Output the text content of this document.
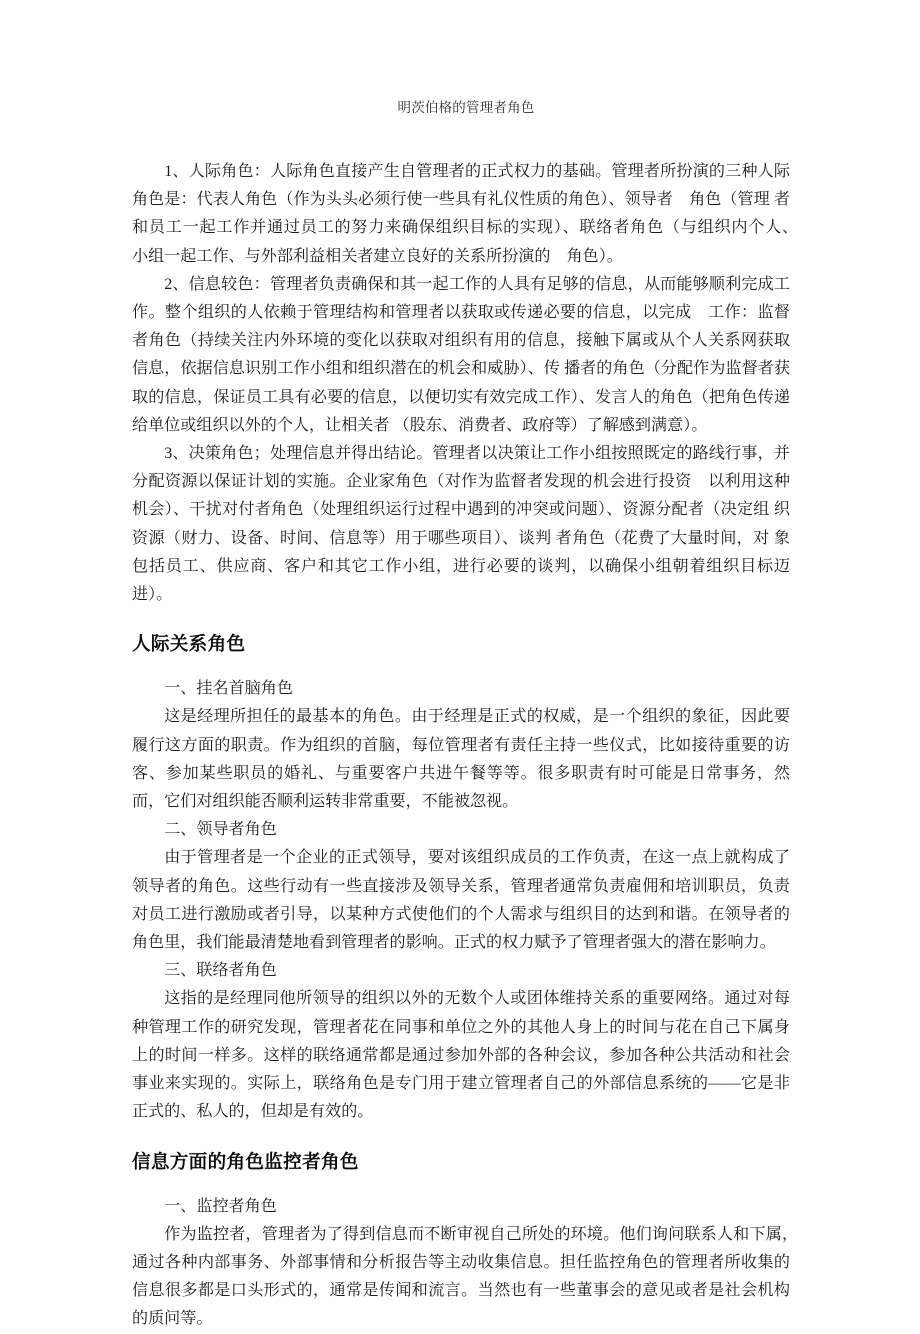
明茨伯格的管理者角色

1、人际角色：人际角色直接产生自管理者的正式权力的基础。管理者所扮演的三种人际角色是：代表人角色（作为头头必须行使一些具有礼仪性质的角色）、领导者　角色（管理 者和员工一起工作并通过员工的努力来确保组织目标的实现）、联络者角色（与组织内个人、　小组一起工作、与外部利益相关者建立良好的关系所扮演的　角色）。

2、信息较色：管理者负责确保和其一起工作的人具有足够的信息，从而能够顺利完成工作。整个组织的人依赖于管理结构和管理者以获取或传递必要的信息，以完成　工作：监督者角色（持续关注内外环境的变化以获取对组织有用的信息，接触下属或从个人关系网获取信息，依据信息识别工作小组和组织潜在的机会和威胁）、传 播者的角色（分配作为监督者获取的信息，保证员工具有必要的信息，以便切实有效完成工作）、发言人的角色（把角色传递给单位或组织以外的个人，让相关者 （股东、消费者、政府等）了解感到满意）。

3、决策角色；处理信息并得出结论。管理者以决策让工作小组按照既定的路线行事，并分配资源以保证计划的实施。企业家角色（对作为监督者发现的机会进行投资　以利用这种机会）、干扰对付者角色（处理组织运行过程中遇到的冲突或问题）、资源分配者（决定组 织资源（财力、设备、时间、信息等）用于哪些项目）、谈判 者角色（花费了大量时间，对 象包括员工、供应商、客户和其它工作小组，进行必要的谈判，以确保小组朝着组织目标迈 进）。

人际关系角色

一、挂名首脑角色

这是经理所担任的最基本的角色。由于经理是正式的权威，是一个组织的象征，因此要履行这方面的职责。作为组织的首脑，每位管理者有责任主持一些仪式，比如接待重要的访客、参加某些职员的婚礼、与重要客户共进午餐等等。很多职责有时可能是日常事务，然而，它们对组织能否顺利运转非常重要，不能被忽视。

二、领导者角色

由于管理者是一个企业的正式领导，要对该组织成员的工作负责，在这一点上就构成了领导者的角色。这些行动有一些直接涉及领导关系，管理者通常负责雇佣和培训职员，负责对员工进行激励或者引导，以某种方式使他们的个人需求与组织目的达到和谐。在领导者的角色里，我们能最清楚地看到管理者的影响。正式的权力赋予了管理者强大的潜在影响力。

三、联络者角色

这指的是经理同他所领导的组织以外的无数个人或团体维持关系的重要网络。通过对每种管理工作的研究发现，管理者花在同事和单位之外的其他人身上的时间与花在自己下属身上的时间一样多。这样的联络通常都是通过参加外部的各种会议，参加各种公共活动和社会事业来实现的。实际上，联络角色是专门用于建立管理者自己的外部信息系统的——它是非正式的、私人的，但却是有效的。

信息方面的角色监控者角色

一、监控者角色

作为监控者，管理者为了得到信息而不断审视自己所处的环境。他们询问联系人和下属，　通过各种内部事务、外部事情和分析报告等主动收集信息。担任监控角色的管理者所收集的　信息很多都是口头形式的，通常是传闻和流言。当然也有一些董事会的意见或者是社会机构　的质问等。
